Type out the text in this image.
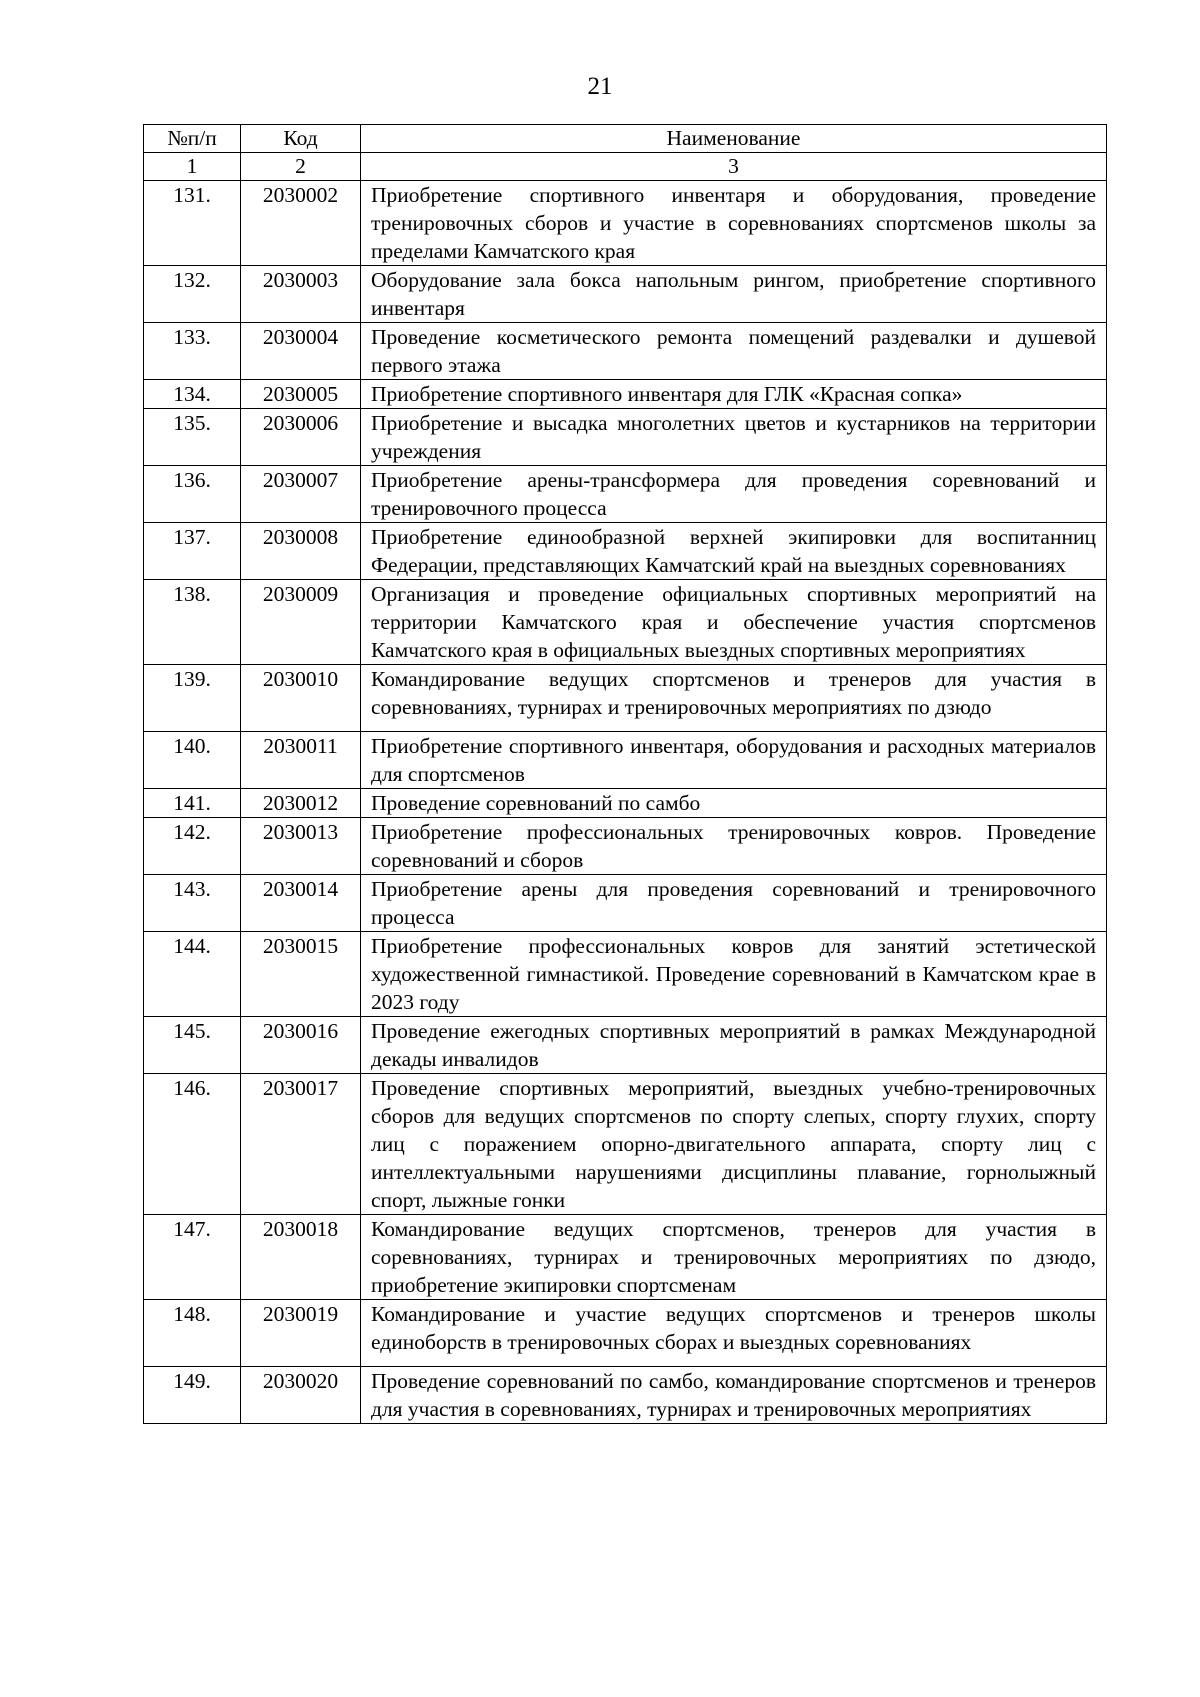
21
№п/п	Код	Наименование
1	2	3
131.	2030002	Приобретение спортивного инвентаря и оборудования, проведение тренировочных сборов и участие в соревнованиях спортсменов школы за пределами Камчатского края
132.	2030003	Оборудование зала бокса напольным рингом, приобретение спортивного инвентаря
133.	2030004	Проведение косметического ремонта помещений раздевалки и душевой первого этажа
134.	2030005	Приобретение спортивного инвентаря для ГЛК «Красная сопка»
135.	2030006	Приобретение и высадка многолетних цветов и кустарников на территории учреждения
136.	2030007	Приобретение арены-трансформера для проведения соревнований и тренировочного процесса
137.	2030008	Приобретение единообразной верхней экипировки для воспитанниц Федерации, представляющих Камчатский край на выездных соревнованиях
138.	2030009	Организация и проведение официальных спортивных мероприятий на территории Камчатского края и обеспечение участия спортсменов Камчатского края в официальных выездных спортивных мероприятиях
139.	2030010	Командирование ведущих спортсменов и тренеров для участия в соревнованиях, турнирах и тренировочных мероприятиях по дзюдо
140.	2030011	Приобретение спортивного инвентаря, оборудования и расходных материалов для спортсменов
141.	2030012	Проведение соревнований по самбо
142.	2030013	Приобретение профессиональных тренировочных ковров. Проведение соревнований и сборов
143.	2030014	Приобретение арены для проведения соревнований и тренировочного процесса
144.	2030015	Приобретение профессиональных ковров для занятий эстетической художественной гимнастикой. Проведение соревнований в Камчатском крае в 2023 году
145.	2030016	Проведение ежегодных спортивных мероприятий в рамках Международной декады инвалидов
146.	2030017	Проведение спортивных мероприятий, выездных учебно-тренировочных сборов для ведущих спортсменов по спорту слепых, спорту глухих, спорту лиц с поражением опорно-двигательного аппарата, спорту лиц с интеллектуальными нарушениями дисциплины плавание, горнолыжный спорт, лыжные гонки
147.	2030018	Командирование ведущих спортсменов, тренеров для участия в соревнованиях, турнирах и тренировочных мероприятиях по дзюдо, приобретение экипировки спортсменам
148.	2030019	Командирование и участие ведущих спортсменов и тренеров школы единоборств в тренировочных сборах и выездных соревнованиях
149.	2030020	Проведение соревнований по самбо, командирование спортсменов и тренеров для участия в соревнованиях, турнирах и тренировочных мероприятиях
